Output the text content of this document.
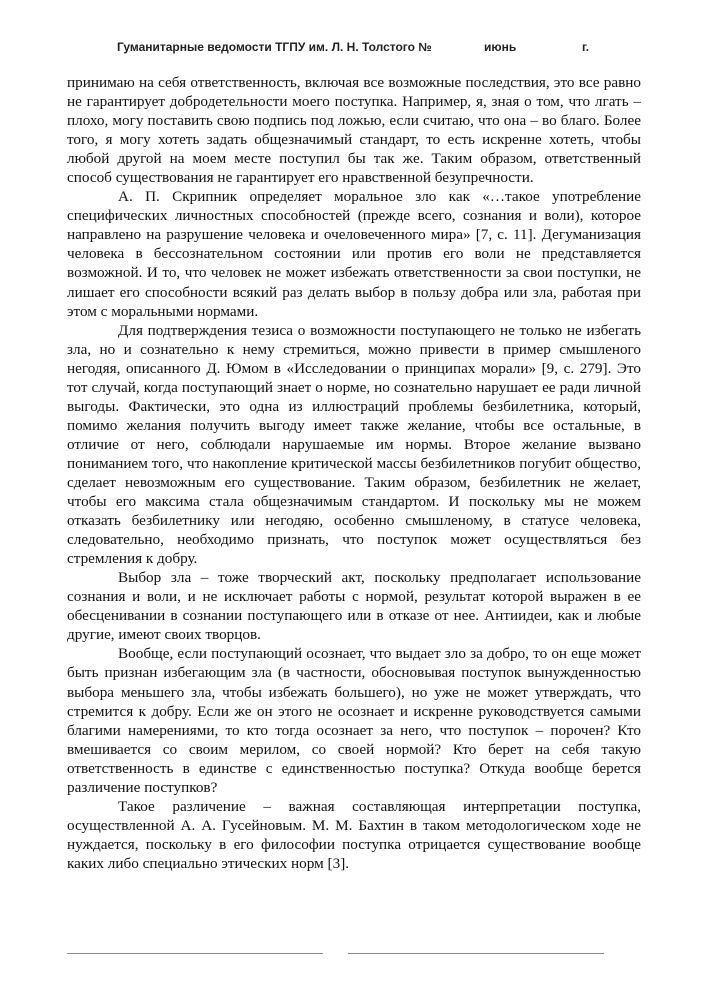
Гуманитарные ведомости ТГПУ им. Л. Н. Толстого №	июнь	г.

принимаю на себя ответственность, включая все возможные последствия, это все равно не гарантирует добродетельности моего поступка. Например, я, зная о том, что лгать – плохо, могу поставить свою подпись под ложью, если считаю, что она – во благо. Более того, я могу хотеть задать общезначимый стандарт, то есть искренне хотеть, чтобы любой другой на моем месте поступил бы так же. Таким образом, ответственный способ существования не гарантирует его нравственной безупречности.

А. П. Скрипник определяет моральное зло как «…такое употребление специфических личностных способностей (прежде всего, сознания и воли), которое направлено на разрушение человека и очеловеченного мира» [7, с. 11]. Дегуманизация человека в бессознательном состоянии или против его воли не представляется возможной. И то, что человек не может избежать ответственности за свои поступки, не лишает его способности всякий раз делать выбор в пользу добра или зла, работая при этом с моральными нормами.

Для подтверждения тезиса о возможности поступающего не только не избегать зла, но и сознательно к нему стремиться, можно привести в пример смышленого негодяя, описанного Д. Юмом в «Исследовании о принципах морали» [9, с. 279]. Это тот случай, когда поступающий знает о норме, но сознательно нарушает ее ради личной выгоды. Фактически, это одна из иллюстраций проблемы безбилетника, который, помимо желания получить выгоду имеет также желание, чтобы все остальные, в отличие от него, соблюдали нарушаемые им нормы. Второе желание вызвано пониманием того, что накопление критической массы безбилетников погубит общество, сделает невозможным его существование. Таким образом, безбилетник не желает, чтобы его максима стала общезначимым стандартом. И поскольку мы не можем отказать безбилетнику или негодяю, особенно смышленому, в статусе человека, следовательно, необходимо признать, что поступок может осуществляться без стремления к добру.

Выбор зла – тоже творческий акт, поскольку предполагает использование сознания и воли, и не исключает работы с нормой, результат которой выражен в ее обесценивании в сознании поступающего или в отказе от нее. Антиидеи, как и любые другие, имеют своих творцов.

Вообще, если поступающий осознает, что выдает зло за добро, то он еще может быть признан избегающим зла (в частности, обосновывая поступок вынужденностью выбора меньшего зла, чтобы избежать большего), но уже не может утверждать, что стремится к добру. Если же он этого не осознает и искренне руководствуется самыми благими намерениями, то кто тогда осознает за него, что поступок – порочен? Кто вмешивается со своим мерилом, со своей нормой? Кто берет на себя такую ответственность в единстве с единственностью поступка? Откуда вообще берется различение поступков?

Такое различение – важная составляющая интерпретации поступка, осуществленной А. А. Гусейновым. М. М. Бахтин в таком методологическом ходе не нуждается, поскольку в его философии поступка отрицается существование вообще каких либо специально этических норм [3].
